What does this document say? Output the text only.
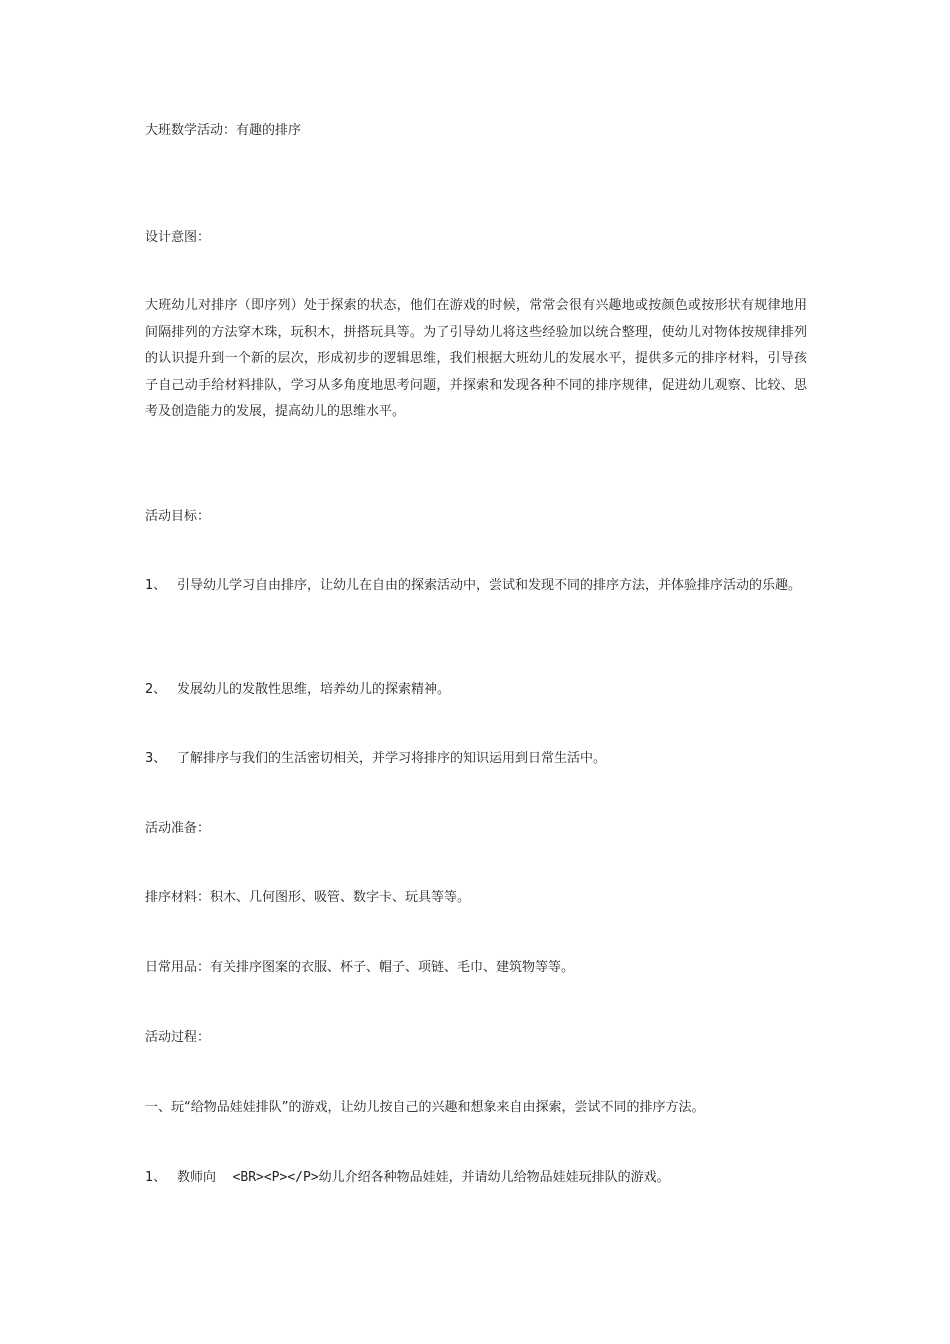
大班数学活动：有趣的排序

设计意图：

大班幼儿对排序（即序列）处于探索的状态，他们在游戏的时候，常常会很有兴趣地或按颜色或按形状有规律地用间隔排列的方法穿木珠，玩积木，拼搭玩具等。为了引导幼儿将这些经验加以统合整理，使幼儿对物体按规律排列的认识提升到一个新的层次，形成初步的逻辑思维，我们根据大班幼儿的发展水平，提供多元的排序材料，引导孩子自己动手给材料排队，学习从多角度地思考问题，并探索和发现各种不同的排序规律，促进幼儿观察、比较、思考及创造能力的发展，提高幼儿的思维水平。

活动目标：

1、 引导幼儿学习自由排序，让幼儿在自由的探索活动中，尝试和发现不同的排序方法，并体验排序活动的乐趣。

2、 发展幼儿的发散性思维，培养幼儿的探索精神。

3、 了解排序与我们的生活密切相关，并学习将排序的知识运用到日常生活中。

活动准备：

排序材料：积木、几何图形、吸管、数字卡、玩具等等。

日常用品：有关排序图案的衣服、杯子、帽子、项链、毛巾、建筑物等等。

活动过程：

一、玩“给物品娃娃排队”的游戏，让幼儿按自己的兴趣和想象来自由探索，尝试不同的排序方法。

1、 教师向 <BR><P></P>幼儿介绍各种物品娃娃，并请幼儿给物品娃娃玩排队的游戏。
